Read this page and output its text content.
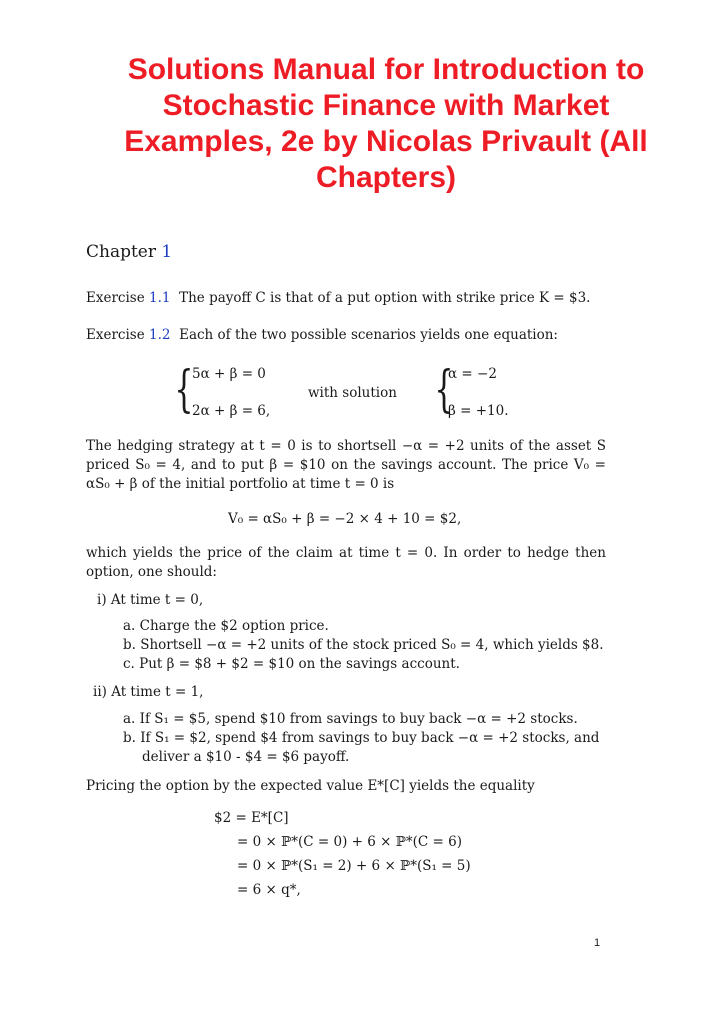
Solutions Manual for Introduction to
Stochastic Finance with Market
Examples, 2e by Nicolas Privault (All
Chapters)
Chapter 1
Exercise 1.1 The payoff C is that of a put option with strike price K = $3.
Exercise 1.2 Each of the two possible scenarios yields one equation:
{
5α + β = 0
2α + β = 6,
with solution {
α = −2
β = +10.
The hedging strategy at t = 0 is to shortsell −α = +2 units of the asset S priced S₀ = 4, and to put β = $10 on the savings account. The price V₀ = αS₀ + β of the initial portfolio at time t = 0 is
V₀ = αS₀ + β = −2 × 4 + 10 = $2,
which yields the price of the claim at time t = 0. In order to hedge then option, one should:
i) At time t = 0,
a. Charge the $2 option price.
b. Shortsell −α = +2 units of the stock priced S₀ = 4, which yields $8.
c. Put β = $8 + $2 = $10 on the savings account.
ii) At time t = 1,
a. If S₁ = $5, spend $10 from savings to buy back −α = +2 stocks.
b. If S₁ = $2, spend $4 from savings to buy back −α = +2 stocks, and
deliver a $10 - $4 = $6 payoff.
Pricing the option by the expected value E*[C] yields the equality
$2 = E*[C]
= 0 × ℙ*(C = 0) + 6 × ℙ*(C = 6)
= 0 × ℙ*(S₁ = 2) + 6 × ℙ*(S₁ = 5)
= 6 × q*,
1
